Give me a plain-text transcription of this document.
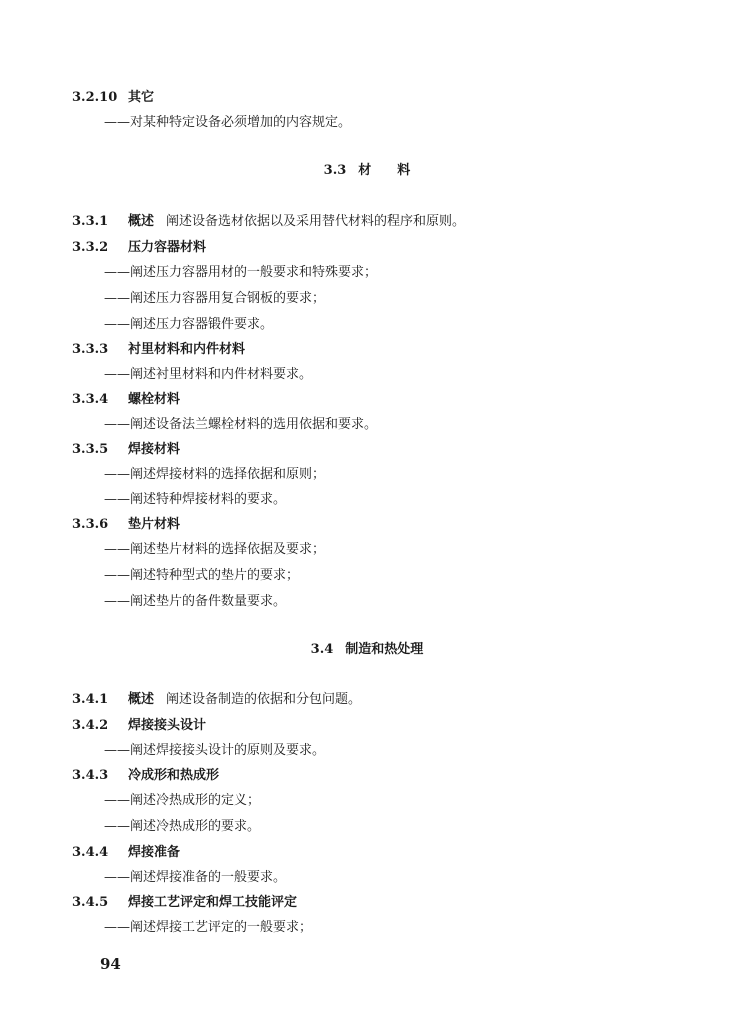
3.2.10 其它
——对某种特定设备必须增加的内容规定。
3.3 材　　料
3.3.1 概述 阐述设备选材依据以及采用替代材料的程序和原则。
3.3.2 压力容器材料
——阐述压力容器用材的一般要求和特殊要求；
——阐述压力容器用复合钢板的要求；
——阐述压力容器锻件要求。
3.3.3 衬里材料和内件材料
——阐述衬里材料和内件材料要求。
3.3.4 螺栓材料
——阐述设备法兰螺栓材料的选用依据和要求。
3.3.5 焊接材料
——阐述焊接材料的选择依据和原则；
——阐述特种焊接材料的要求。
3.3.6 垫片材料
——阐述垫片材料的选择依据及要求；
——阐述特种型式的垫片的要求；
——阐述垫片的备件数量要求。
3.4 制造和热处理
3.4.1 概述 阐述设备制造的依据和分包问题。
3.4.2 焊接接头设计
——阐述焊接接头设计的原则及要求。
3.4.3 冷成形和热成形
——阐述冷热成形的定义；
——阐述冷热成形的要求。
3.4.4 焊接准备
——阐述焊接准备的一般要求。
3.4.5 焊接工艺评定和焊工技能评定
——阐述焊接工艺评定的一般要求；
94
